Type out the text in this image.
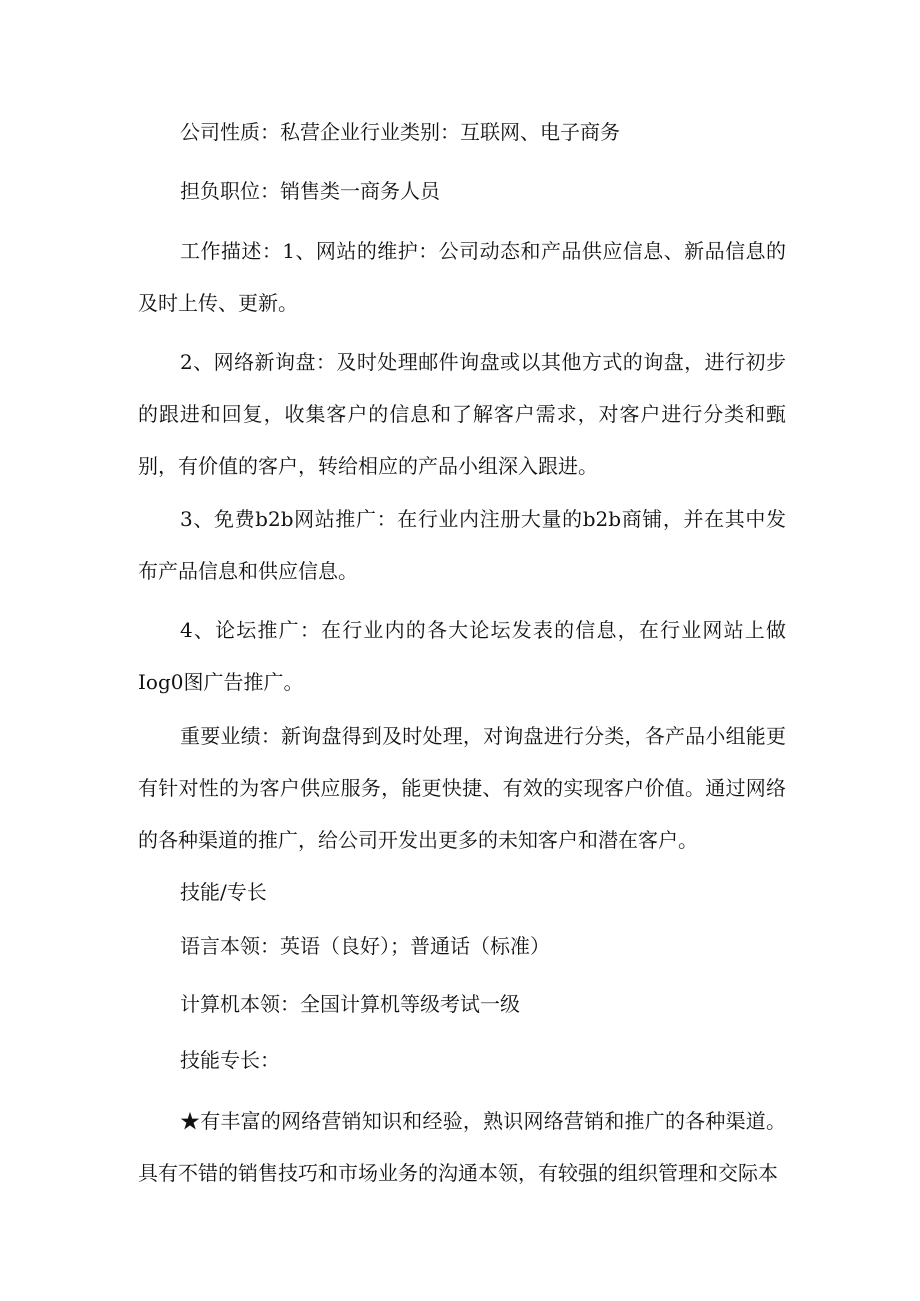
公司性质：私营企业行业类别：互联网、电子商务

担负职位：销售类一商务人员

工作描述：1、网站的维护：公司动态和产品供应信息、新品信息的及时上传、更新。

2、网络新询盘：及时处理邮件询盘或以其他方式的询盘，进行初步的跟进和回复，收集客户的信息和了解客户需求，对客户进行分类和甄别，有价值的客户，转给相应的产品小组深入跟进。

3、免费b2b网站推广：在行业内注册大量的b2b商铺，并在其中发布产品信息和供应信息。

4、论坛推广：在行业内的各大论坛发表的信息，在行业网站上做Iog0图广告推广。

重要业绩：新询盘得到及时处理，对询盘进行分类，各产品小组能更有针对性的为客户供应服务，能更快捷、有效的实现客户价值。通过网络的各种渠道的推广，给公司开发出更多的未知客户和潜在客户。

技能/专长

语言本领：英语（良好）；普通话（标准）

计算机本领：全国计算机等级考试一级

技能专长：

★有丰富的网络营销知识和经验，熟识网络营销和推广的各种渠道。具有不错的销售技巧和市场业务的沟通本领，有较强的组织管理和交际本
